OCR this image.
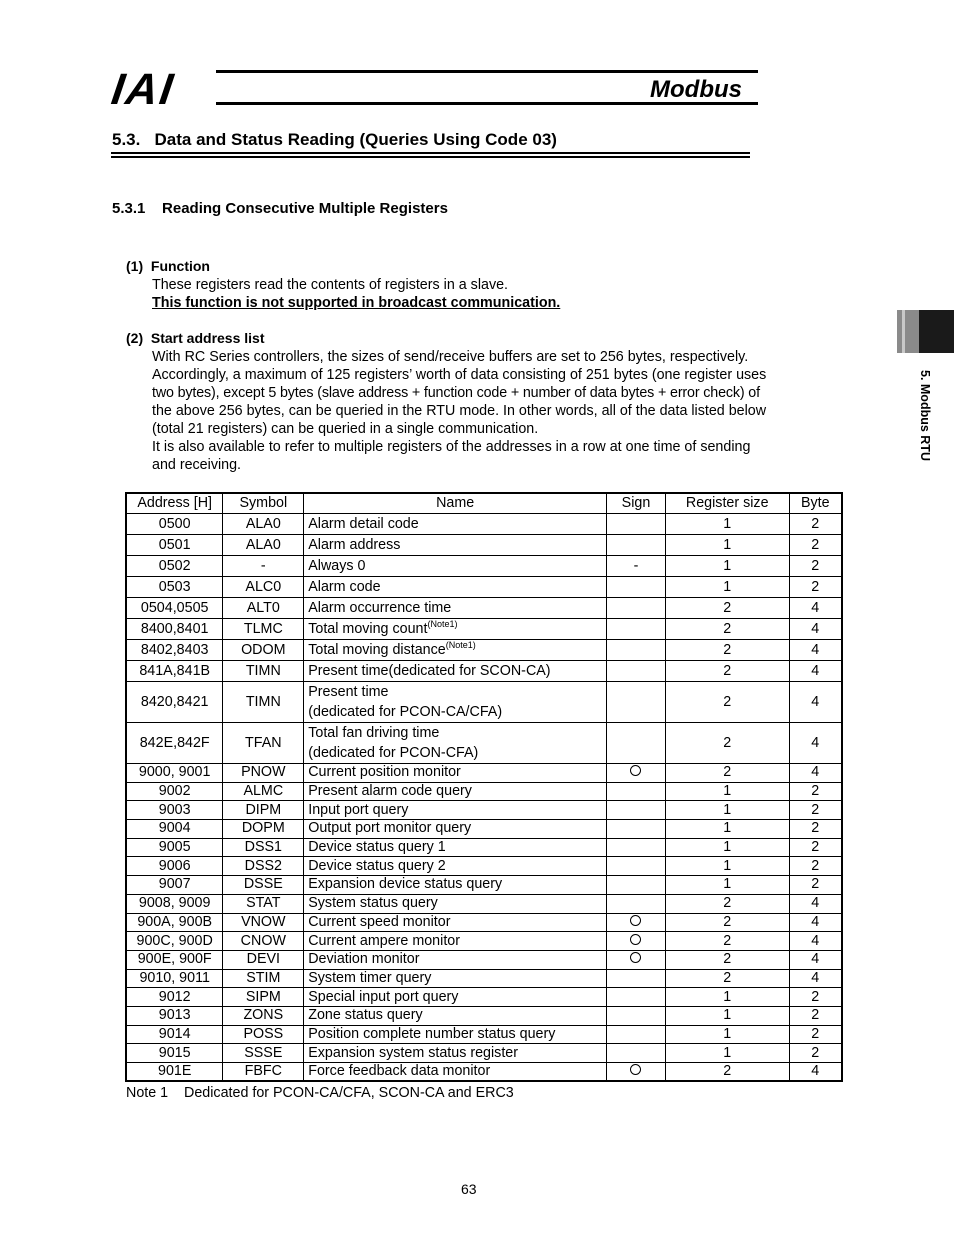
IAI	Modbus
5. Modbus RTU
5.3.   Data and Status Reading (Queries Using Code 03)
5.3.1    Reading Consecutive Multiple Registers
(1)  Function
These registers read the contents of registers in a slave.
This function is not supported in broadcast communication.
(2)  Start address list
With RC Series controllers, the sizes of send/receive buffers are set to 256 bytes, respectively.
Accordingly, a maximum of 125 registers’ worth of data consisting of 251 bytes (one register uses
two bytes), except 5 bytes (slave address + function code + number of data bytes + error check) of
the above 256 bytes, can be queried in the RTU mode. In other words, all of the data listed below
(total 21 registers) can be queried in a single communication.
It is also available to refer to multiple registers of the addresses in a row at one time of sending
and receiving.
Address [H]	Symbol	Name	Sign	Register size	Byte
0500	ALA0	Alarm detail code		1	2
0501	ALA0	Alarm address		1	2
0502	-	Always 0	-	1	2
0503	ALC0	Alarm code		1	2
0504,0505	ALT0	Alarm occurrence time		2	4
8400,8401	TLMC	Total moving count$^{(Note1)}$		2	4
8402,8403	ODOM	Total moving distance$^{(Note1)}$		2	4
841A,841B	TIMN	Present time(dedicated for SCON-CA)		2	4
8420,8421	TIMN	Present time
(dedicated for PCON-CA/CFA)		2	4
842E,842F	TFAN	Total fan driving time
(dedicated for PCON-CFA)		2	4
9000, 9001	PNOW	Current position monitor		2	4
9002	ALMC	Present alarm code query		1	2
9003	DIPM	Input port query		1	2
9004	DOPM	Output port monitor query		1	2
9005	DSS1	Device status query 1		1	2
9006	DSS2	Device status query 2		1	2
9007	DSSE	Expansion device status query		1	2
9008, 9009	STAT	System status query		2	4
900A, 900B	VNOW	Current speed monitor		2	4
900C, 900D	CNOW	Current ampere monitor		2	4
900E, 900F	DEVI	Deviation monitor		2	4
9010, 9011	STIM	System timer query		2	4
9012	SIPM	Special input port query		1	2
9013	ZONS	Zone status query		1	2
9014	POSS	Position complete number status query		1	2
9015	SSSE	Expansion system status register		1	2
901E	FBFC	Force feedback data monitor		2	4
Note 1    Dedicated for PCON-CA/CFA, SCON-CA and ERC3
63
